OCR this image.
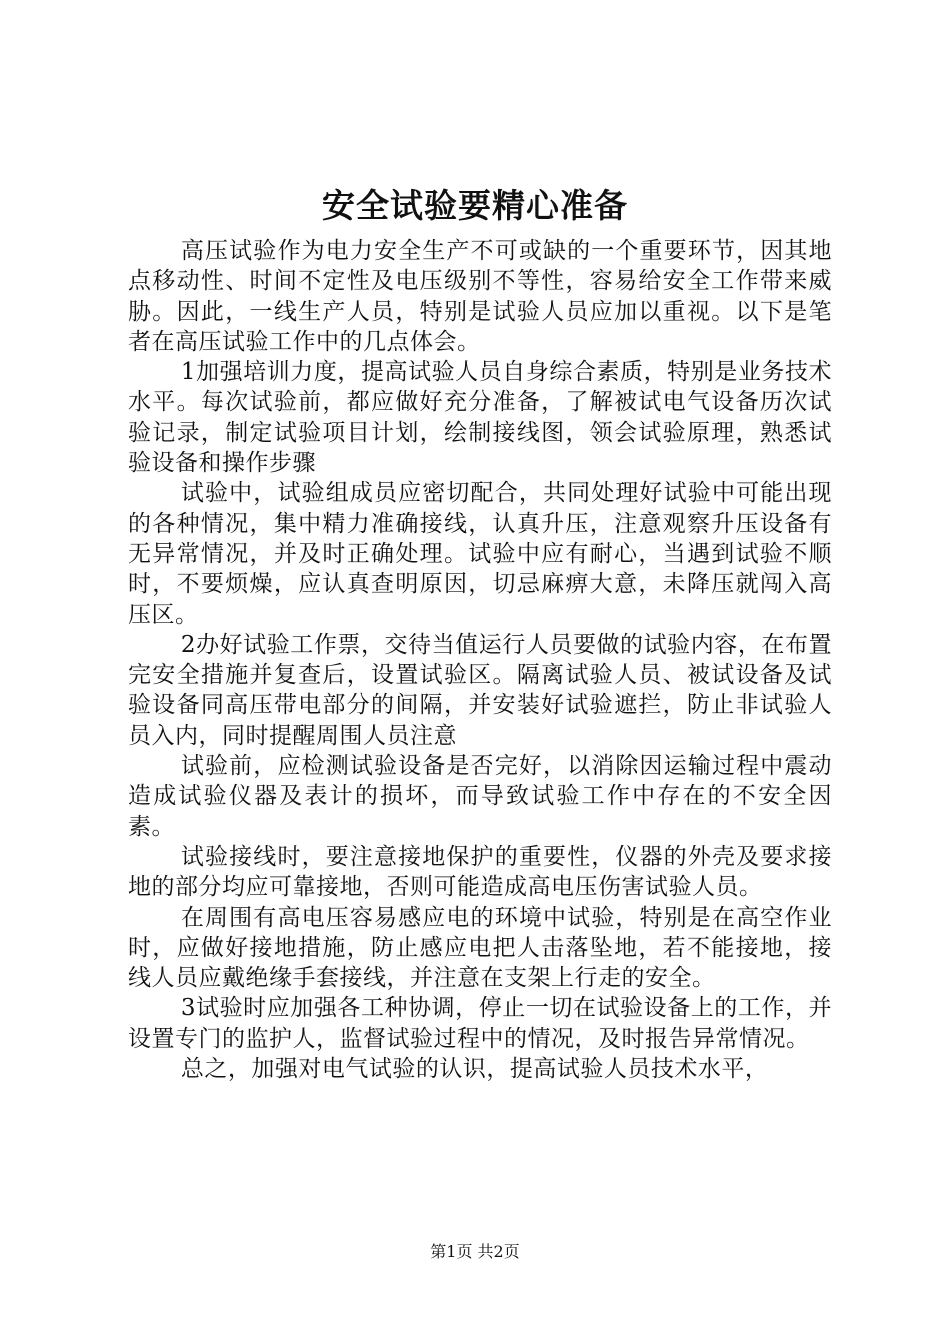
安全试验要精心准备

高压试验作为电力安全生产不可或缺的一个重要环节，因其地点移动性、时间不定性及电压级别不等性，容易给安全工作带来威胁。因此，一线生产人员，特别是试验人员应加以重视。以下是笔者在高压试验工作中的几点体会。

1加强培训力度，提高试验人员自身综合素质，特别是业务技术水平。每次试验前，都应做好充分准备，了解被试电气设备历次试验记录，制定试验项目计划，绘制接线图，领会试验原理，熟悉试验设备和操作步骤

试验中，试验组成员应密切配合，共同处理好试验中可能出现的各种情况，集中精力准确接线，认真升压，注意观察升压设备有无异常情况，并及时正确处理。试验中应有耐心，当遇到试验不顺时，不要烦燥，应认真查明原因，切忌麻痹大意，未降压就闯入高压区。

2办好试验工作票，交待当值运行人员要做的试验内容，在布置完安全措施并复查后，设置试验区。隔离试验人员、被试设备及试验设备同高压带电部分的间隔，并安装好试验遮拦，防止非试验人员入内，同时提醒周围人员注意

试验前，应检测试验设备是否完好，以消除因运输过程中震动造成试验仪器及表计的损坏，而导致试验工作中存在的不安全因素。

试验接线时，要注意接地保护的重要性，仪器的外壳及要求接地的部分均应可靠接地，否则可能造成高电压伤害试验人员。

在周围有高电压容易感应电的环境中试验，特别是在高空作业时，应做好接地措施，防止感应电把人击落坠地，若不能接地，接线人员应戴绝缘手套接线，并注意在支架上行走的安全。

3试验时应加强各工种协调，停止一切在试验设备上的工作，并设置专门的监护人，监督试验过程中的情况，及时报告异常情况。

总之，加强对电气试验的认识，提高试验人员技术水平，

第1页 共2页
